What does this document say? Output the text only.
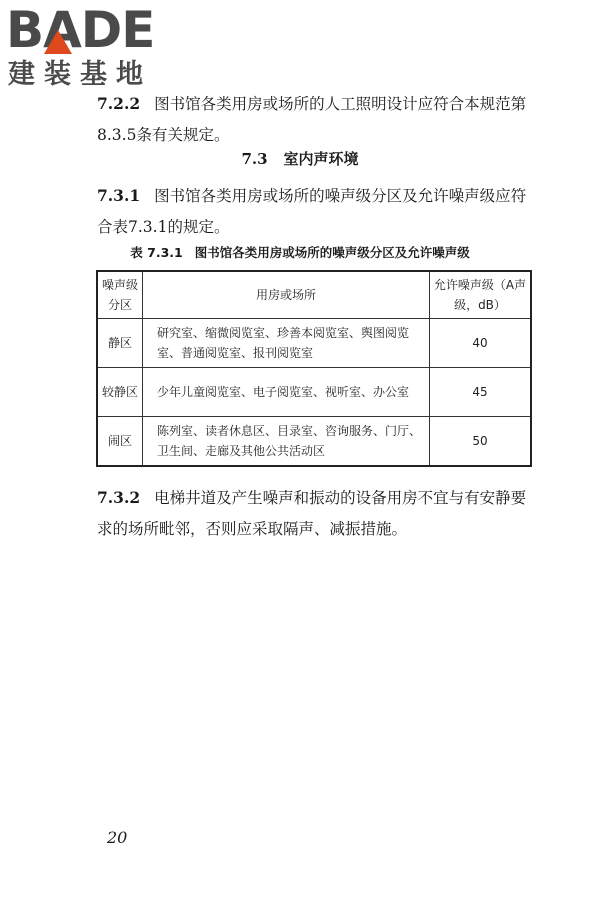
BADE
建装基地
7.2.2 图书馆各类用房或场所的人工照明设计应符合本规范第8.3.5条有关规定。
7.3 室内声环境
7.3.1 图书馆各类用房或场所的噪声级分区及允许噪声级应符合表7.3.1的规定。
表 7.3.1 图书馆各类用房或场所的噪声级分区及允许噪声级
噪声级分区	用房或场所	允许噪声级（A声级，dB）
静区	研究室、缩微阅览室、珍善本阅览室、舆图阅览室、普通阅览室、报刊阅览室	40
较静区	少年儿童阅览室、电子阅览室、视听室、办公室	45
闹区	陈列室、读者休息区、目录室、咨询服务、门厅、卫生间、走廊及其他公共活动区	50
7.3.2 电梯井道及产生噪声和振动的设备用房不宜与有安静要求的场所毗邻，否则应采取隔声、减振措施。
20
